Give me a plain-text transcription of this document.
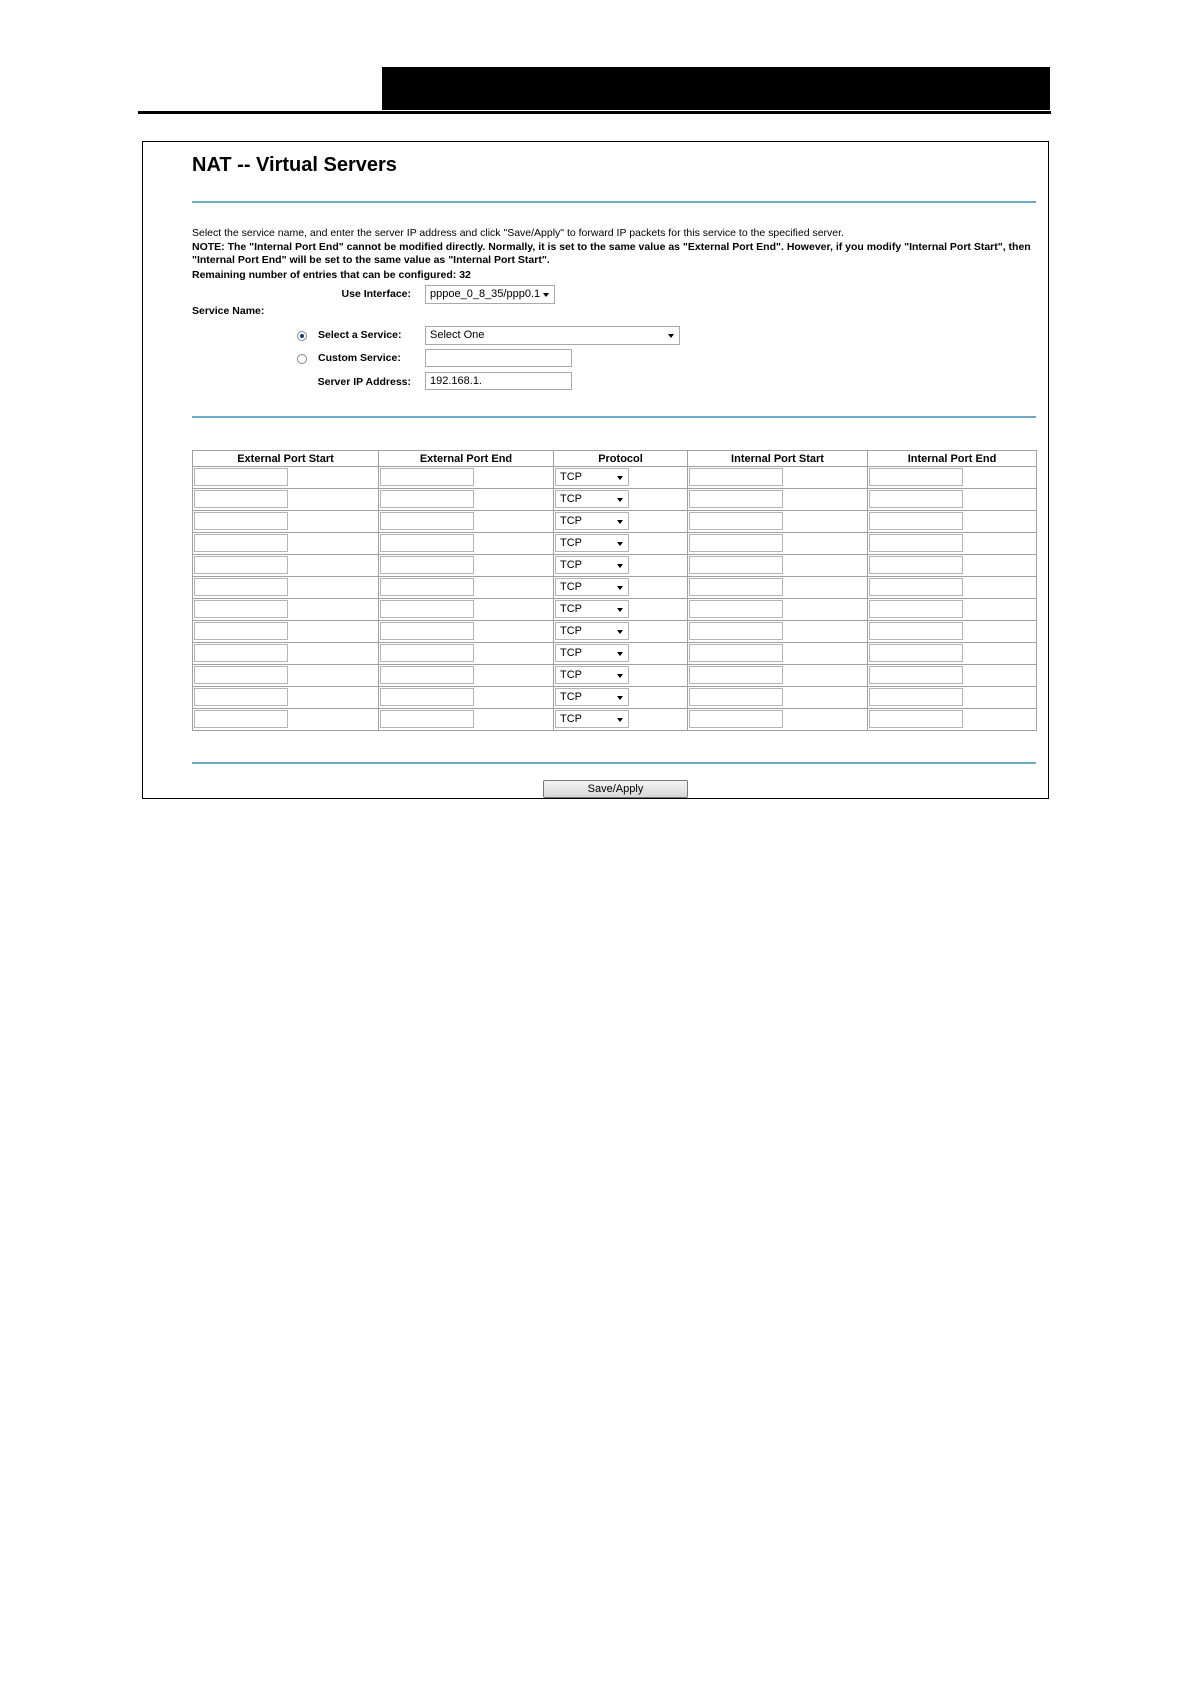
NAT -- Virtual Servers
Select the service name, and enter the server IP address and click "Save/Apply" to forward IP packets for this service to the specified server.
NOTE: The "Internal Port End" cannot be modified directly. Normally, it is set to the same value as "External Port End". However, if you modify "Internal Port Start", then
"Internal Port End" will be set to the same value as "Internal Port Start".
Remaining number of entries that can be configured: 32
Use Interface:	pppoe_0_8_35/ppp0.1
Service Name:
Select a Service:	Select One
Custom Service:
Server IP Address:	192.168.1.
External Port Start	External Port End	Protocol	Internal Port Start	Internal Port End

		TCP		

		TCP		

		TCP		

		TCP		

		TCP		

		TCP		

		TCP		

		TCP		

		TCP		

		TCP		

		TCP		

		TCP		

Save/Apply
